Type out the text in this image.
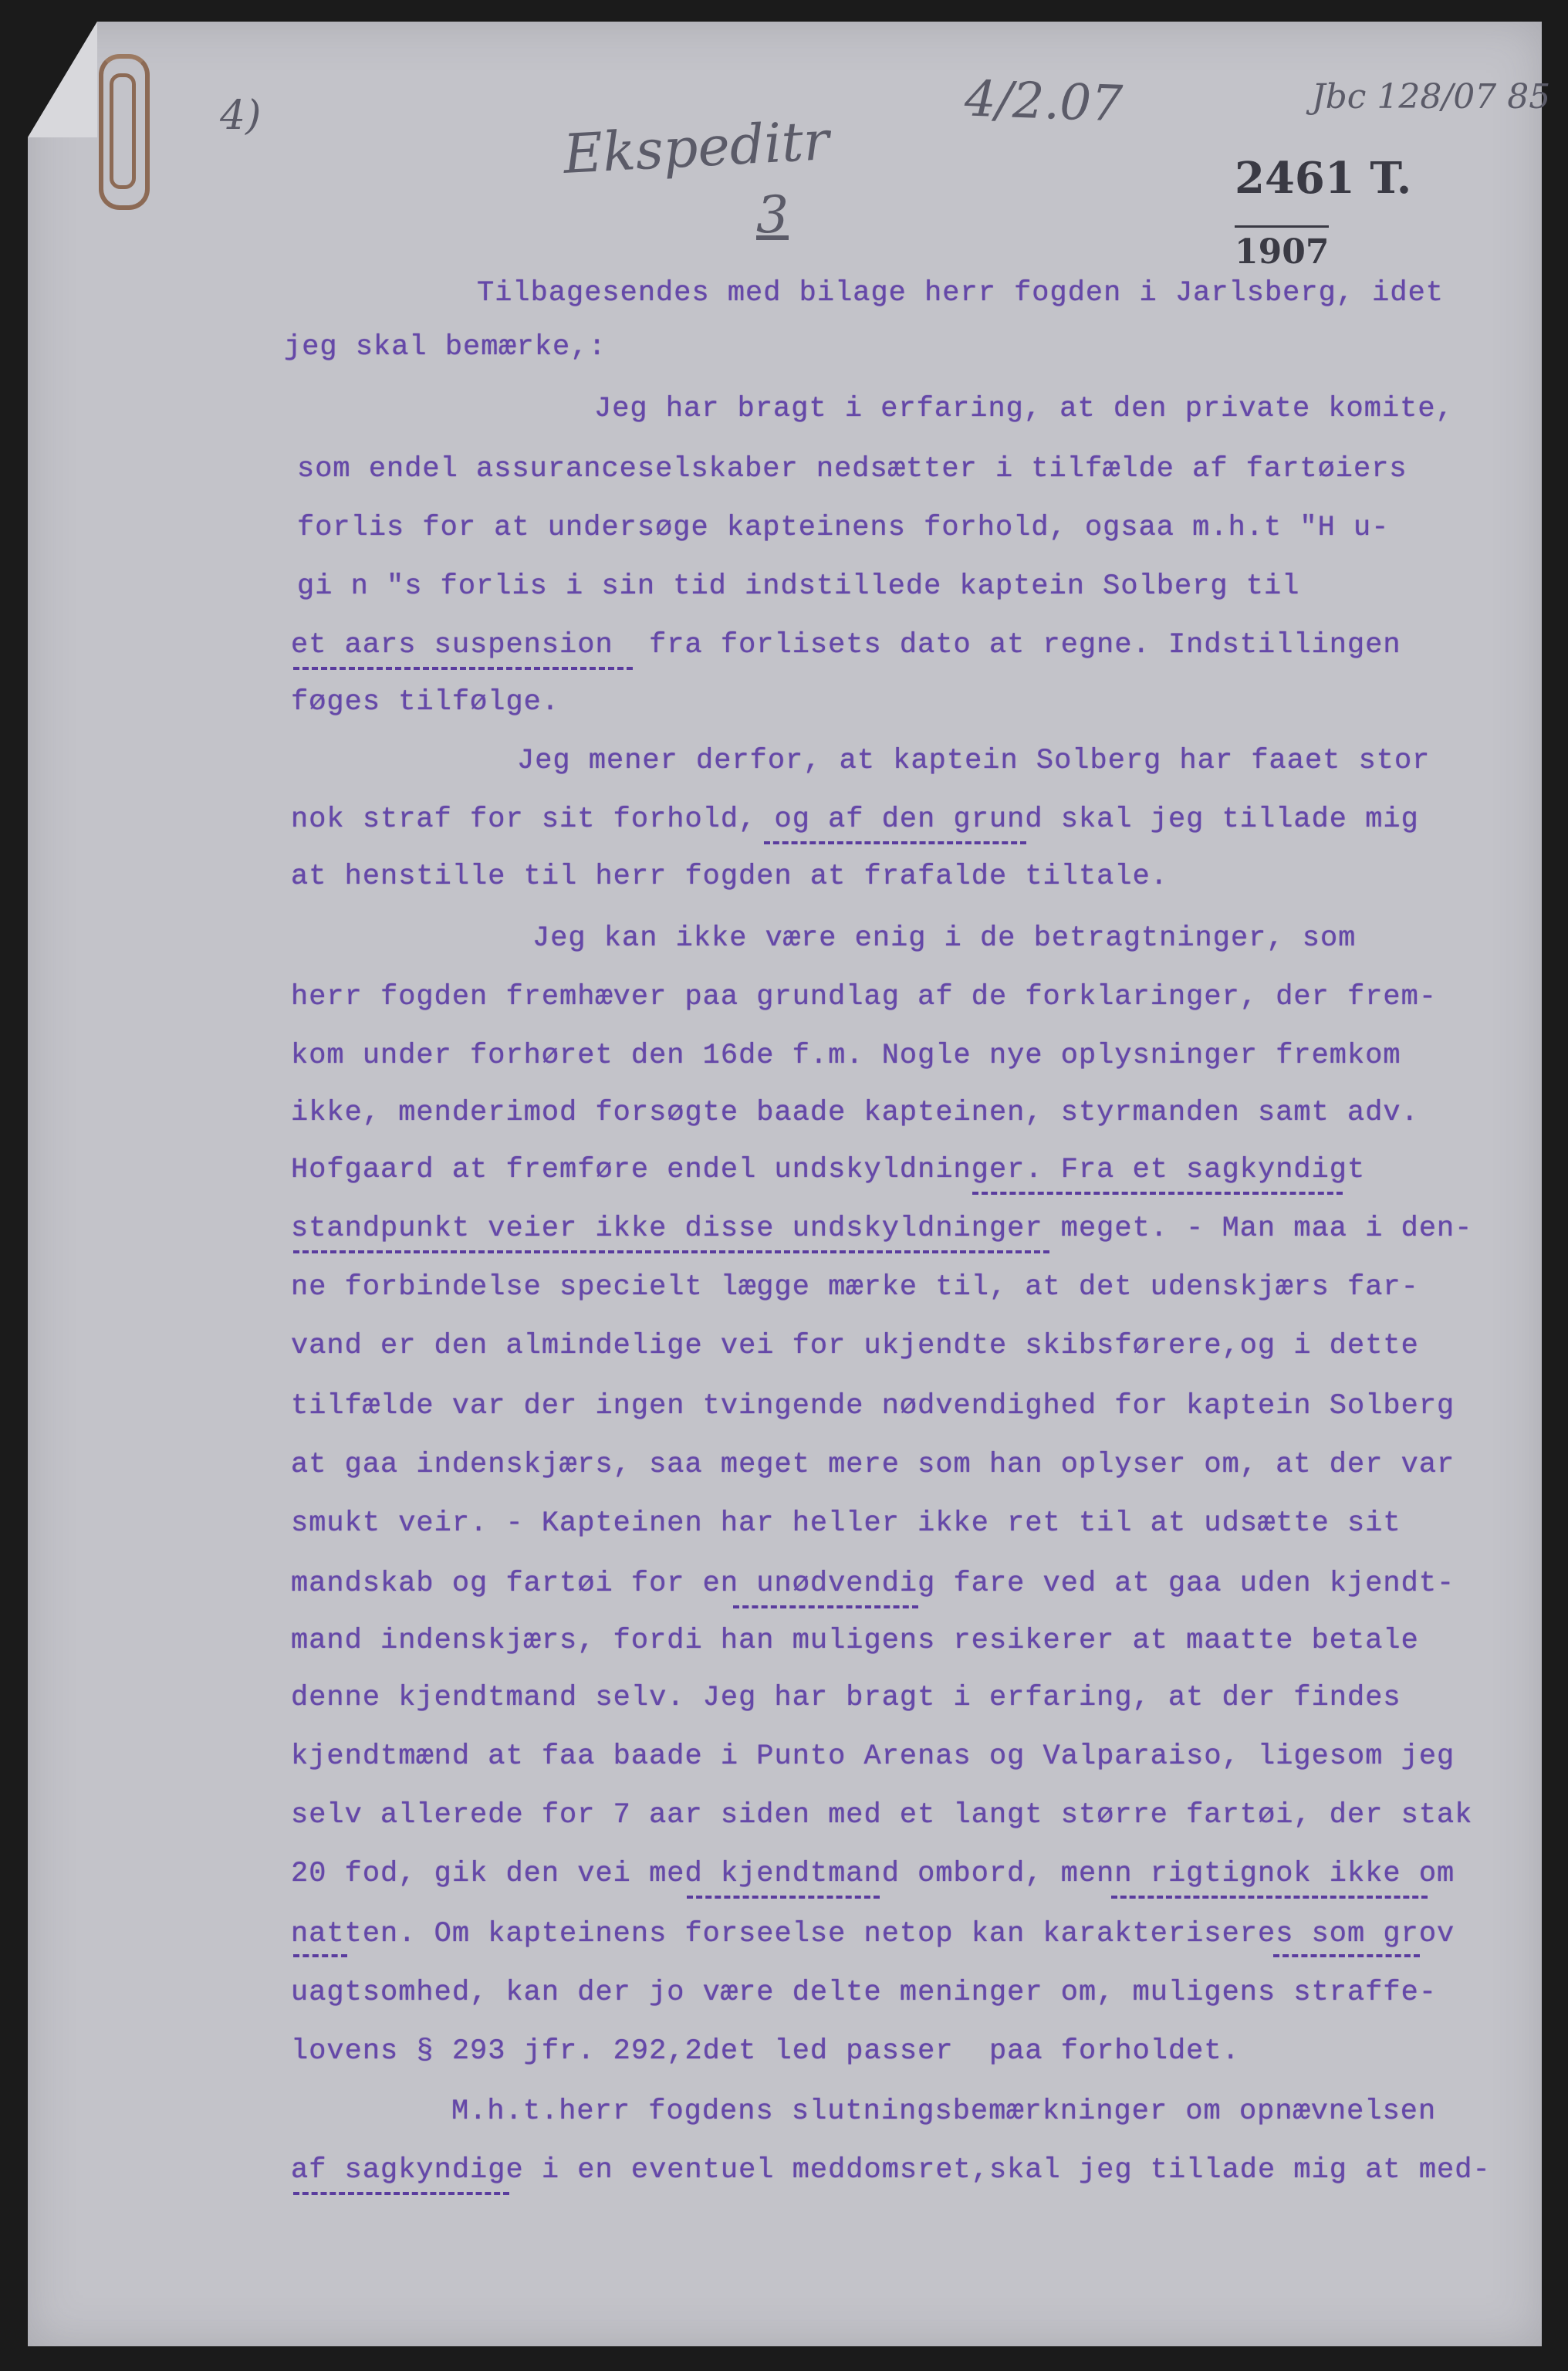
4)	Ekspeditr
3
4/2.07	Jbc 128/07 85
2461 T.
1907
Tilbagesendes med bilage herr fogden i Jarlsberg, idet
jeg skal bemærke,:
Jeg har bragt i erfaring, at den private komite,
som endel assuranceselskaber nedsætter i tilfælde af fartøiers
forlis for at undersøge kapteinens forhold, ogsaa m.h.t "H u-
gi n "s forlis i sin tid indstillede kaptein Solberg til
et aars suspension  fra forlisets dato at regne. Indstillingen
føges tilfølge.
Jeg mener derfor, at kaptein Solberg har faaet stor
nok straf for sit forhold, og af den grund skal jeg tillade mig
at henstille til herr fogden at frafalde tiltale.
Jeg kan ikke være enig i de betragtninger, som
herr fogden fremhæver paa grundlag af de forklaringer, der frem-
kom under forhøret den 16de f.m. Nogle nye oplysninger fremkom
ikke, menderimod forsøgte baade kapteinen, styrmanden samt adv.
Hofgaard at fremføre endel undskyldninger. Fra et sagkyndigt
standpunkt veier ikke disse undskyldninger meget. - Man maa i den-
ne forbindelse specielt lægge mærke til, at det udenskjærs far-
vand er den almindelige vei for ukjendte skibsførere,og i dette
tilfælde var der ingen tvingende nødvendighed for kaptein Solberg
at gaa indenskjærs, saa meget mere som han oplyser om, at der var
smukt veir. - Kapteinen har heller ikke ret til at udsætte sit
mandskab og fartøi for en unødvendig fare ved at gaa uden kjendt-
mand indenskjærs, fordi han muligens resikerer at maatte betale
denne kjendtmand selv. Jeg har bragt i erfaring, at der findes
kjendtmænd at faa baade i Punto Arenas og Valparaiso, ligesom jeg
selv allerede for 7 aar siden med et langt større fartøi, der stak
20 fod, gik den vei med kjendtmand ombord, menn rigtignok ikke om
natten. Om kapteinens forseelse netop kan karakteriseres som grov
uagtsomhed, kan der jo være delte meninger om, muligens straffe-
lovens § 293 jfr. 292,2det led passer  paa forholdet.
M.h.t.herr fogdens slutningsbemærkninger om opnævnelsen
af sagkyndige i en eventuel meddomsret,skal jeg tillade mig at med-
